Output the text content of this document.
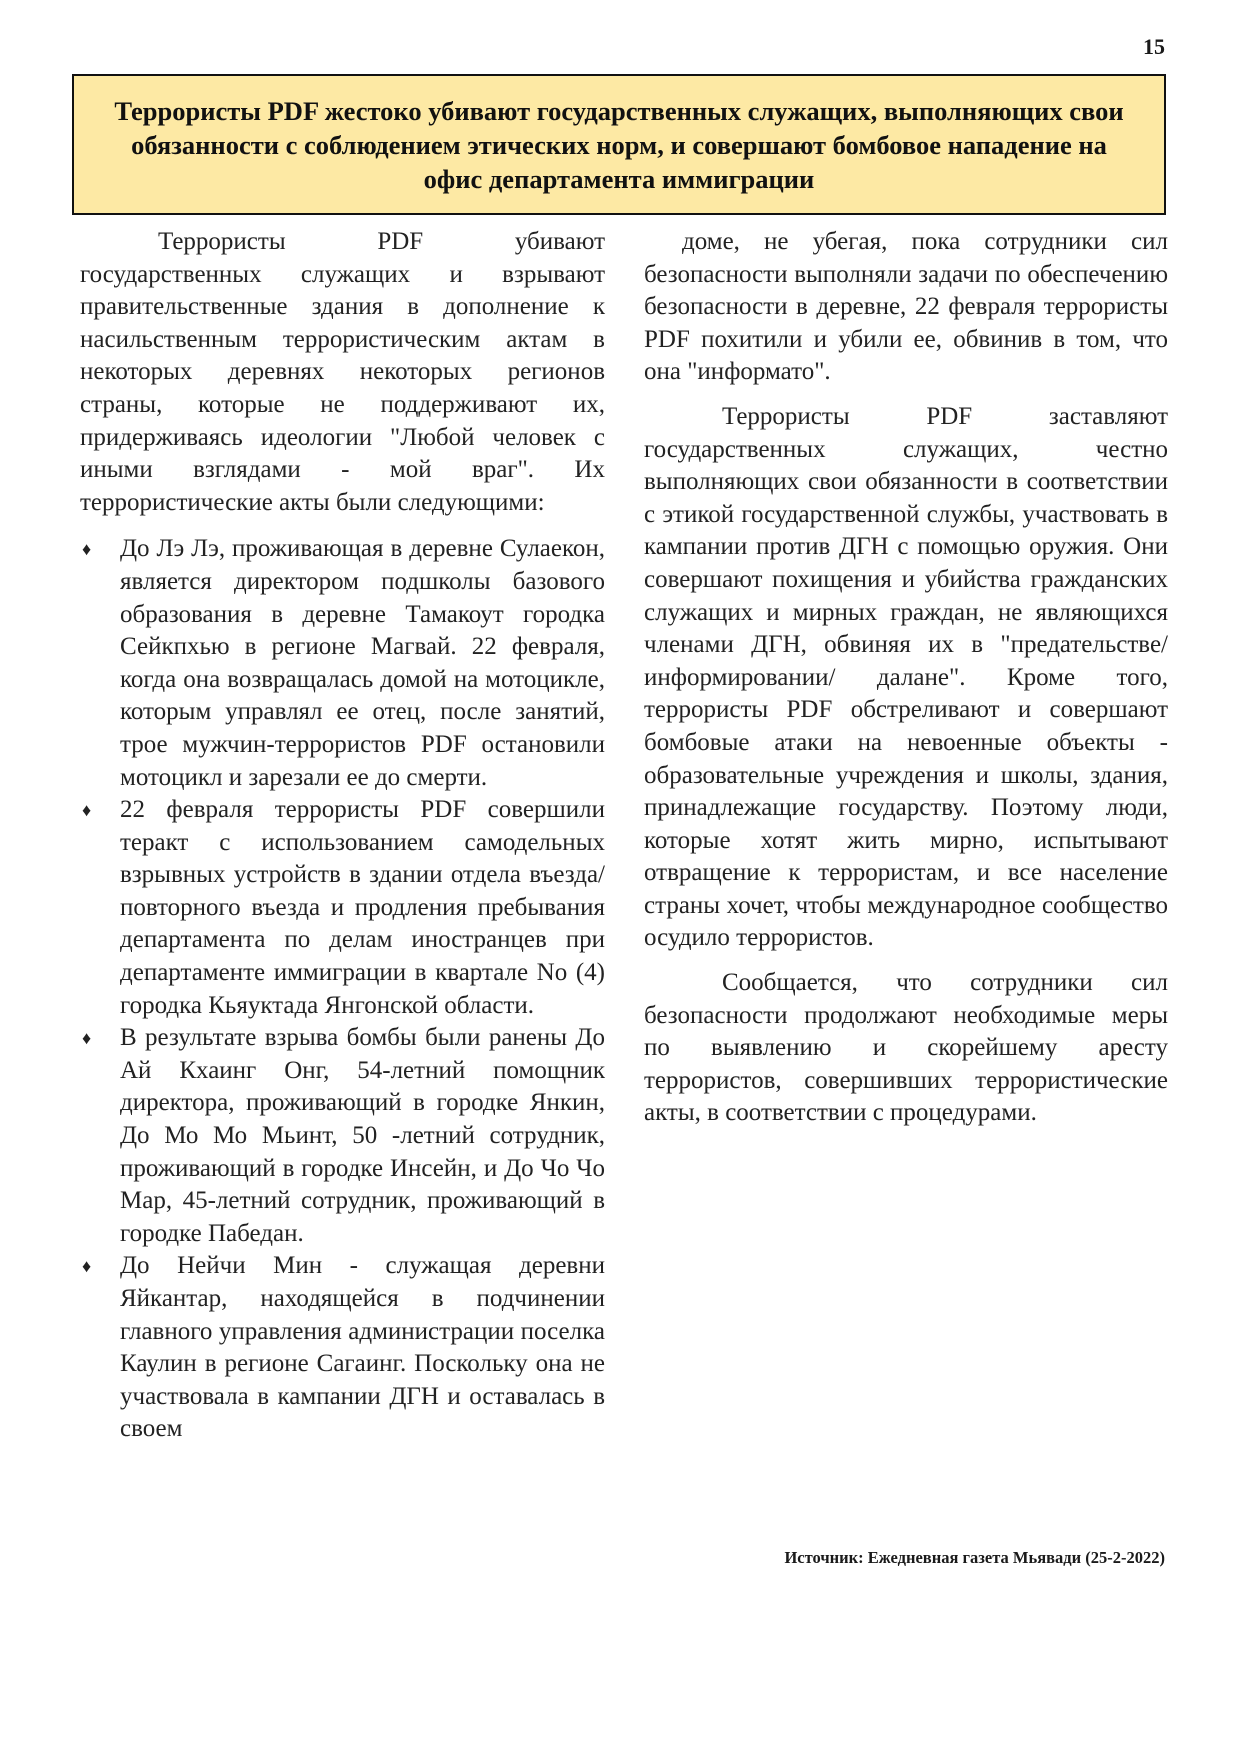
15
Террористы PDF жестоко убивают государственных служащих, выполняющих свои обязанности с соблюдением этических норм, и совершают бомбовое нападение на офис департамента иммиграции

Террористы PDF убивают государственных служащих и взрывают правительственные здания в дополнение к насильственным террористическим актам в некоторых деревнях некоторых регионов страны, которые не поддерживают их, придерживаясь идеологии "Любой человек с иными взглядами - мой враг". Их террористические акты были следующими:

♦ До Лэ Лэ, проживающая в деревне Сулаекон, является директором подшколы базового образования в деревне Тамакоут городка Сейкпхью в регионе Магвай. 22 февраля, когда она возвращалась домой на мотоцикле, которым управлял ее отец, после занятий, трое мужчин-террористов PDF остановили мотоцикл и зарезали ее до смерти.
♦ 22 февраля террористы PDF совершили теракт с использованием самодельных взрывных устройств в здании отдела въезда/повторного въезда и продления пребывания департамента по делам иностранцев при департаменте иммиграции в квартале No (4) городка Кьяуктада Янгонской области.
♦ В результате взрыва бомбы были ранены До Ай Кхаинг Онг, 54-летний помощник директора, проживающий в городке Янкин, До Мо Мо Мьинт, 50 -летний сотрудник, проживающий в городке Инсейн, и До Чо Чо Мар, 45-летний сотрудник, проживающий в городке Пабедан.
♦ До Нейчи Мин - служащая деревни Яйкантар, находящейся в подчинении главного управления администрации поселка Каулин в регионе Сагаинг. Поскольку она не участвовала в кампании ДГН и оставалась в своем

доме, не убегая, пока сотрудники сил безопасности выполняли задачи по обеспечению безопасности в деревне, 22 февраля террористы PDF похитили и убили ее, обвинив в том, что она "информато".

Террористы PDF заставляют государственных служащих, честно выполняющих свои обязанности в соответствии с этикой государственной службы, участвовать в кампании против ДГН с помощью оружия. Они совершают похищения и убийства гражданских служащих и мирных граждан, не являющихся членами ДГН, обвиняя их в "предательстве/информировании/ далане". Кроме того, террористы PDF обстреливают и совершают бомбовые атаки на невоенные объекты - образовательные учреждения и школы, здания, принадлежащие государству. Поэтому люди, которые хотят жить мирно, испытывают отвращение к террористам, и все население страны хочет, чтобы международное сообщество осудило террористов.

Сообщается, что сотрудники сил безопасности продолжают необходимые меры по выявлению и скорейшему аресту террористов, совершивших террористические акты, в соответствии с процедурами.

Источник: Ежедневная газета Мьявади (25-2-2022)
